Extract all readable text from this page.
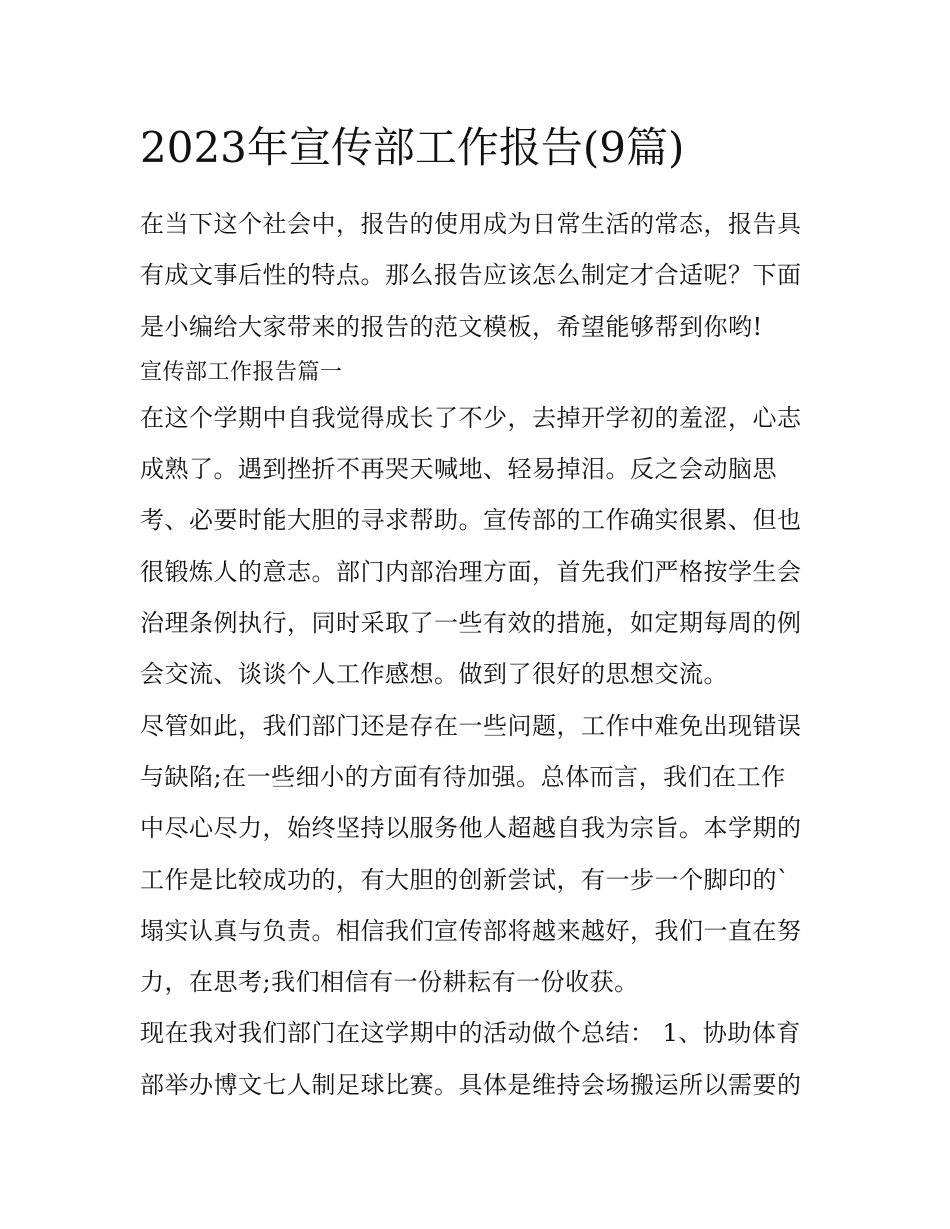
2023年宣传部工作报告(9篇)
在当下这个社会中，报告的使用成为日常生活的常态，报告具
有成文事后性的特点。那么报告应该怎么制定才合适呢？下面
是小编给大家带来的报告的范文模板，希望能够帮到你哟!
宣传部工作报告篇一
在这个学期中自我觉得成长了不少，去掉开学初的羞涩，心志
成熟了。遇到挫折不再哭天喊地、轻易掉泪。反之会动脑思
考、必要时能大胆的寻求帮助。宣传部的工作确实很累、但也
很锻炼人的意志。部门内部治理方面，首先我们严格按学生会
治理条例执行，同时采取了一些有效的措施，如定期每周的例
会交流、谈谈个人工作感想。做到了很好的思想交流。
尽管如此，我们部门还是存在一些问题，工作中难免出现错误
与缺陷;在一些细小的方面有待加强。总体而言，我们在工作
中尽心尽力，始终坚持以服务他人超越自我为宗旨。本学期的
工作是比较成功的，有大胆的创新尝试，有一步一个脚印的`
塌实认真与负责。相信我们宣传部将越来越好，我们一直在努
力，在思考;我们相信有一份耕耘有一份收获。
现在我对我们部门在这学期中的活动做个总结： 1、协助体育
部举办博文七人制足球比赛。具体是维持会场搬运所以需要的
